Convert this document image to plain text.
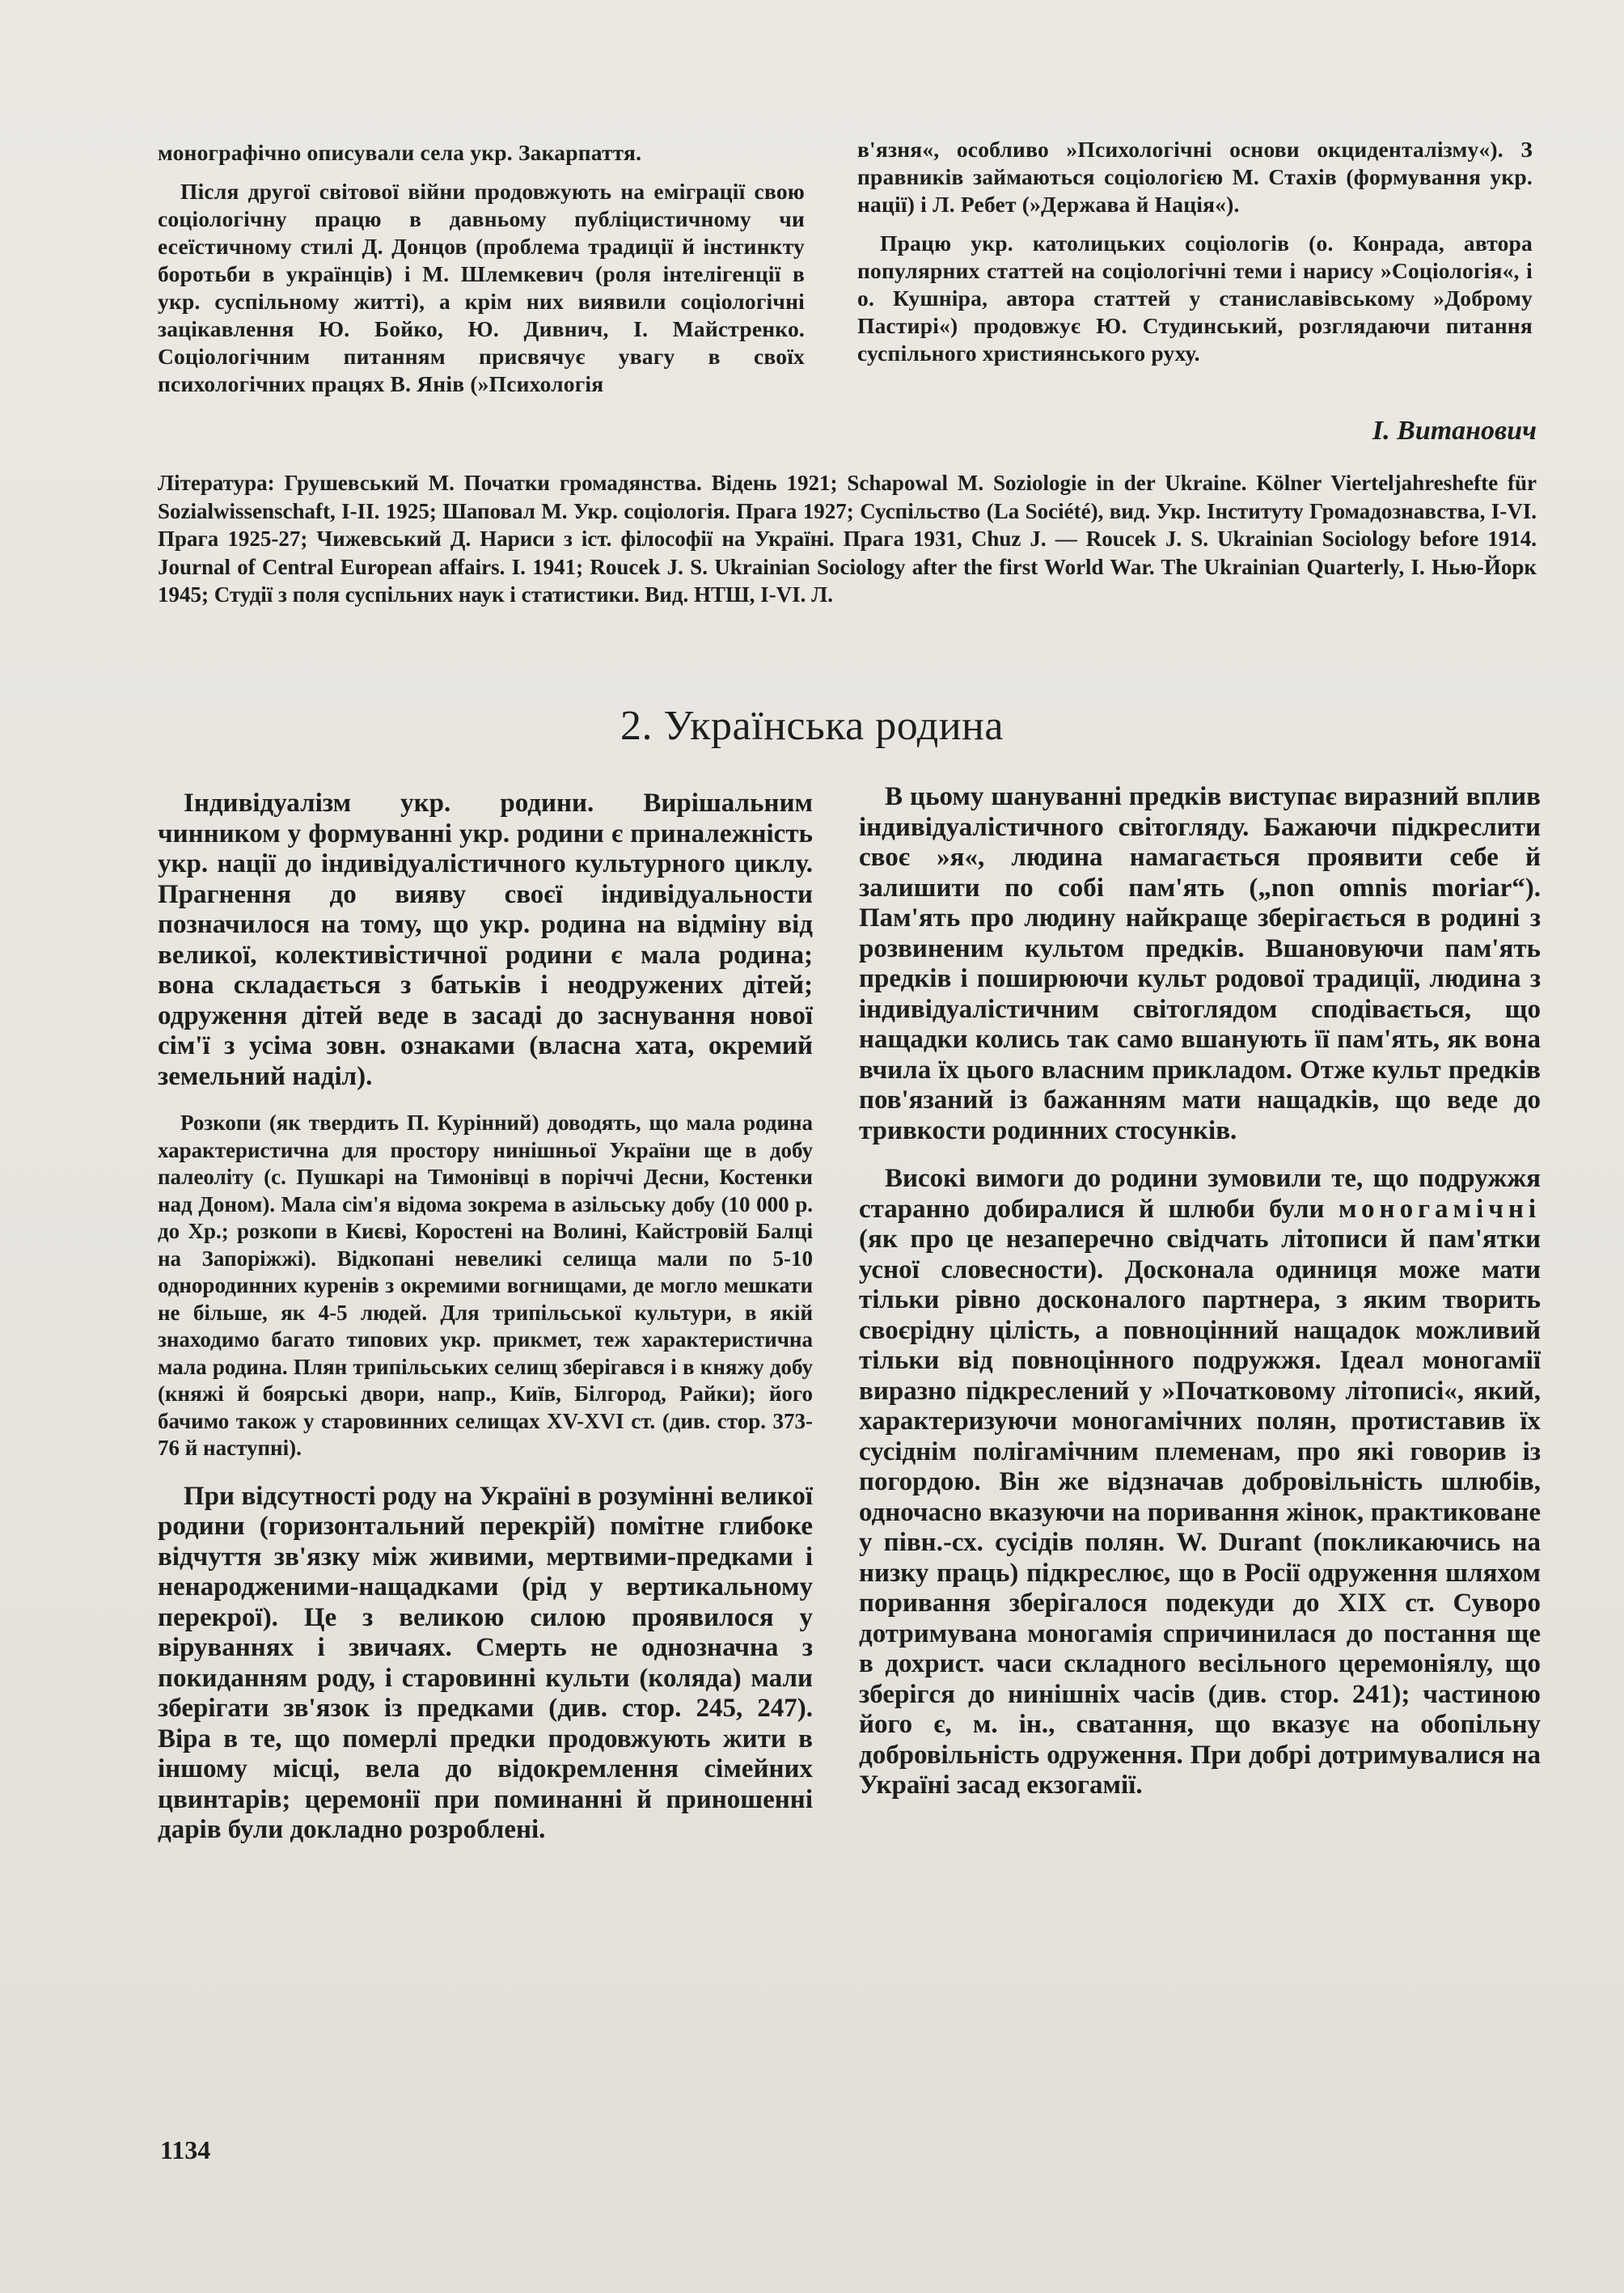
монографічно описували села укр. Закарпаття.

Після другої світової війни продовжують на еміграції свою соціологічну працю в давньому публіцистичному чи есеїстичному стилі Д. Донцов (проблема традиції й інстинкту боротьби в українців) і М. Шлемкевич (роля інтелігенції в укр. суспільному житті), а крім них виявили соціологічні зацікавлення Ю. Бойко, Ю. Дивнич, І. Майстренко. Соціологічним питанням присвячує увагу в своїх психологічних працях В. Янів (»Психологія

в'язня«, особливо »Психологічні основи окциденталізму«). З правників займаються соціологією М. Стахів (формування укр. нації) і Л. Ребет (»Держава й Нація«).

Працю укр. католицьких соціологів (о. Конрада, автора популярних статтей на соціологічні теми і нарису »Соціологія«, і о. Кушніра, автора статтей у станиславівському »Доброму Пастирі«) продовжує Ю. Студинський, розглядаючи питання суспільного християнського руху.

І. Витанович
Література: Грушевський М. Початки громадянства. Відень 1921; Schapowal M. Soziologie in der Ukraine. Kölner Vierteljahreshefte für Sozialwissenschaft, I-II. 1925; Шаповал М. Укр. соціологія. Прага 1927; Суспільство (La Société), вид. Укр. Інституту Громадознавства, I-VI. Прага 1925-27; Чижевський Д. Нариси з іст. філософії на Україні. Прага 1931, Chuz J. — Roucek J. S. Ukrainian Sociology before 1914. Journal of Central European affairs. I. 1941; Roucek J. S. Ukrainian Sociology after the first World War. The Ukrainian Quarterly, I. Нью-Йорк 1945; Студії з поля суспільних наук і статистики. Вид. НТШ, I-VI. Л.
2. Українська родина

Індивідуалізм укр. родини. Вирішальним чинником у формуванні укр. родини є приналежність укр. нації до індивідуалістичного культурного циклу. Прагнення до вияву своєї індивідуальности позначилося на тому, що укр. родина на відміну від великої, колективістичної родини є мала родина; вона складається з батьків і неодружених дітей; одруження дітей веде в засаді до заснування нової сім'ї з усіма зовн. ознаками (власна хата, окремий земельний наділ).

Розкопи (як твердить П. Курінний) доводять, що мала родина характеристична для простору нинішньої України ще в добу палеоліту (с. Пушкарі на Тимонівці в поріччі Десни, Костенки над Доном). Мала сім'я відома зокрема в азільську добу (10 000 р. до Хр.; розкопи в Києві, Коростені на Волині, Кайстровій Балці на Запоріжжі). Відкопані невеликі селища мали по 5-10 однородинних куренів з окремими вогнищами, де могло мешкати не більше, як 4-5 людей. Для трипільської культури, в якій знаходимо багато типових укр. прикмет, теж характеристична мала родина. Плян трипільських селищ зберігався і в княжу добу (княжі й боярські двори, напр., Київ, Білгород, Райки); його бачимо також у старовинних селищах XV-XVI ст. (див. стор. 373-76 й наступні).

При відсутності роду на Україні в розумінні великої родини (горизонтальний перекрій) помітне глибоке відчуття зв'язку між живими, мертвими-предками і ненародженими-нащадками (рід у вертикальному перекрої). Це з великою силою проявилося у віруваннях і звичаях. Смерть не однозначна з покиданням роду, і старовинні культи (коляда) мали зберігати зв'язок із предками (див. стор. 245, 247). Віра в те, що померлі предки продовжують жити в іншому місці, вела до відокремлення сімейних цвинтарів; церемонії при поминанні й приношенні дарів були докладно розроблені.

В цьому шануванні предків виступає виразний вплив індивідуалістичного світогляду. Бажаючи підкреслити своє »я«, людина намагається проявити себе й залишити по собі пам'ять („non omnis moriar“). Пам'ять про людину найкраще зберігається в родині з розвиненим культом предків. Вшановуючи пам'ять предків і поширюючи культ родової традиції, людина з індивідуалістичним світоглядом сподівається, що нащадки колись так само вшанують її пам'ять, як вона вчила їх цього власним прикладом. Отже культ предків пов'язаний із бажанням мати нащадків, що веде до тривкости родинних стосунків.

Високі вимоги до родини зумовили те, що подружжя старанно добиралися й шлюби були моногамічні (як про це незаперечно свідчать літописи й пам'ятки усної словесности). Досконала одиниця може мати тільки рівно досконалого партнера, з яким творить своєрідну цілість, а повноцінний нащадок можливий тільки від повноцінного подружжя. Ідеал моногамії виразно підкреслений у »Початковому літописі«, який, характеризуючи моногамічних полян, протиставив їх сусіднім полігамічним племенам, про які говорив із погордою. Він же відзначав добровільність шлюбів, одночасно вказуючи на поривання жінок, практиковане у півн.-сх. сусідів полян. W. Durant (покликаючись на низку праць) підкреслює, що в Росії одруження шляхом поривання зберігалося подекуди до XIX ст. Суворо дотримувана моногамія спричинилася до постання ще в дохрист. часи складного весільного церемоніялу, що зберігся до нинішніх часів (див. стор. 241); частиною його є, м. ін., сватання, що вказує на обопільну добровільність одруження. При добрі дотримувалися на Україні засад екзогамії.

1134
